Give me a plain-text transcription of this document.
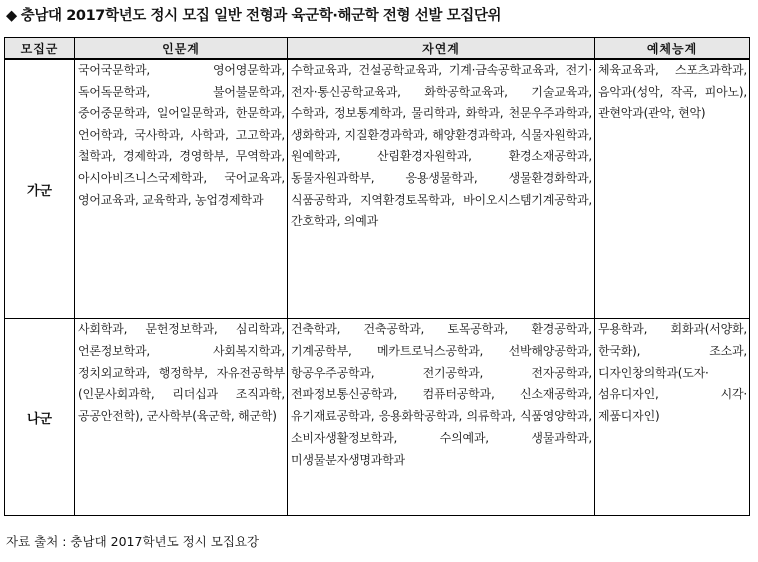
◆ 충남대 2017학년도 정시 모집 일반 전형과 육군학·해군학 전형 선발 모집단위
모집군	인문계	자연계	예체능계
가군	국어국문학과, 영어영문학과, 독어독문학과, 불어불문학과, 중어중문학과, 일어일문학과, 한문학과, 언어학과, 국사학과, 사학과, 고고학과, 철학과, 경제학과, 경영학부, 무역학과, 아시아비즈니스국제학과, 국어교육과, 영어교육과, 교육학과, 농업경제학과	수학교육과, 건설공학교육과, 기계·금속공학교육과, 전기·전자·통신공학교육과, 화학공학교육과, 기술교육과, 수학과, 정보통계학과, 물리학과, 화학과, 천문우주과학과, 생화학과, 지질환경과학과, 해양환경과학과, 식물자원학과, 원예학과, 산림환경자원학과, 환경소재공학과, 동물자원과학부, 응용생물학과, 생물환경화학과, 식품공학과, 지역환경토목학과, 바이오시스템기계공학과, 간호학과, 의예과	체육교육과, 스포츠과학과, 음악과(성악, 작곡, 피아노), 관현악과(관악, 현악)
나군	사회학과, 문헌정보학과, 심리학과, 언론정보학과, 사회복지학과, 정치외교학과, 행정학부, 자유전공학부(인문사회과학, 리더십과 조직과학, 공공안전학), 군사학부(육군학, 해군학)	건축학과, 건축공학과, 토목공학과, 환경공학과, 기계공학부, 메카트로닉스공학과, 선박해양공학과, 항공우주공학과, 전기공학과, 전자공학과, 전파정보통신공학과, 컴퓨터공학과, 신소재공학과, 유기재료공학과, 응용화학공학과, 의류학과, 식품영양학과, 소비자생활정보학과, 수의예과, 생물과학과, 미생물분자생명과학과	무용학과, 회화과(서양화, 한국화), 조소과, 디자인창의학과(도자·섬유디자인, 시각·제품디자인)
자료 출처 : 충남대 2017학년도 정시 모집요강
